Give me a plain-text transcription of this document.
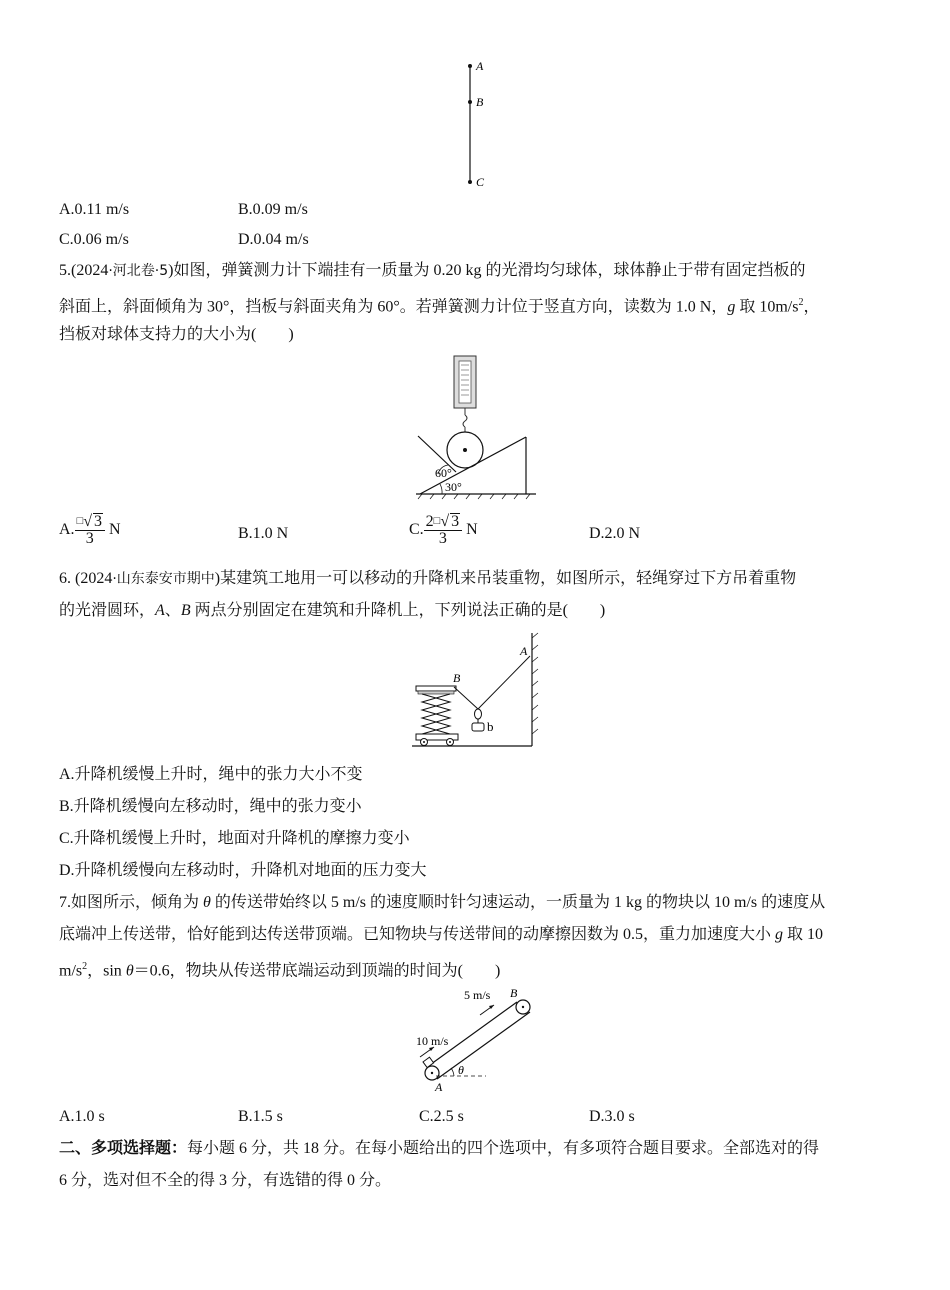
A
B
C
A.0.11 m/s	B.0.09 m/s
C.0.06 m/s	D.0.04 m/s
5.(2024·河北卷·5)如图，弹簧测力计下端挂有一质量为 0.20 kg 的光滑均匀球体，球体静止于带有固定挡板的
斜面上，斜面倾角为 30°，挡板与斜面夹角为 60°。若弹簧测力计位于竖直方向，读数为 1.0 N，g 取 $10m/s^2$，
挡板对球体支持力的大小为(　　)
60°
30°
A. $\frac{^□√ 3}{3}$ N	B.1.0 N	C. $\frac{2^□√ 3}{3}$ N	D.2.0 N
6. (2024·山东泰安市期中)某建筑工地用一可以移动的升降机来吊装重物，如图所示，轻绳穿过下方吊着重物
的光滑圆环，A、B 两点分别固定在建筑和升降机上，下列说法正确的是(　　)
B
A
b
A.升降机缓慢上升时，绳中的张力大小不变
B.升降机缓慢向左移动时，绳中的张力变小
C.升降机缓慢上升时，地面对升降机的摩擦力变小
D.升降机缓慢向左移动时，升降机对地面的压力变大
7.如图所示，倾角为 θ 的传送带始终以 5 m/s 的速度顺时针匀速运动，一质量为 1 kg 的物块以 10 m/s 的速度从
底端冲上传送带，恰好能到达传送带顶端。已知物块与传送带间的动摩擦因数为 0.5，重力加速度大小 g 取 10
$m/s^2$，sin θ＝0.6，物块从传送带底端运动到顶端的时间为(　　)
5 m/s
10 m/s
B
A
θ
A.1.0 s	B.1.5 s	C.2.5 s	D.3.0 s
二、多项选择题：每小题 6 分，共 18 分。在每小题给出的四个选项中，有多项符合题目要求。全部选对的得
6 分，选对但不全的得 3 分，有选错的得 0 分。
